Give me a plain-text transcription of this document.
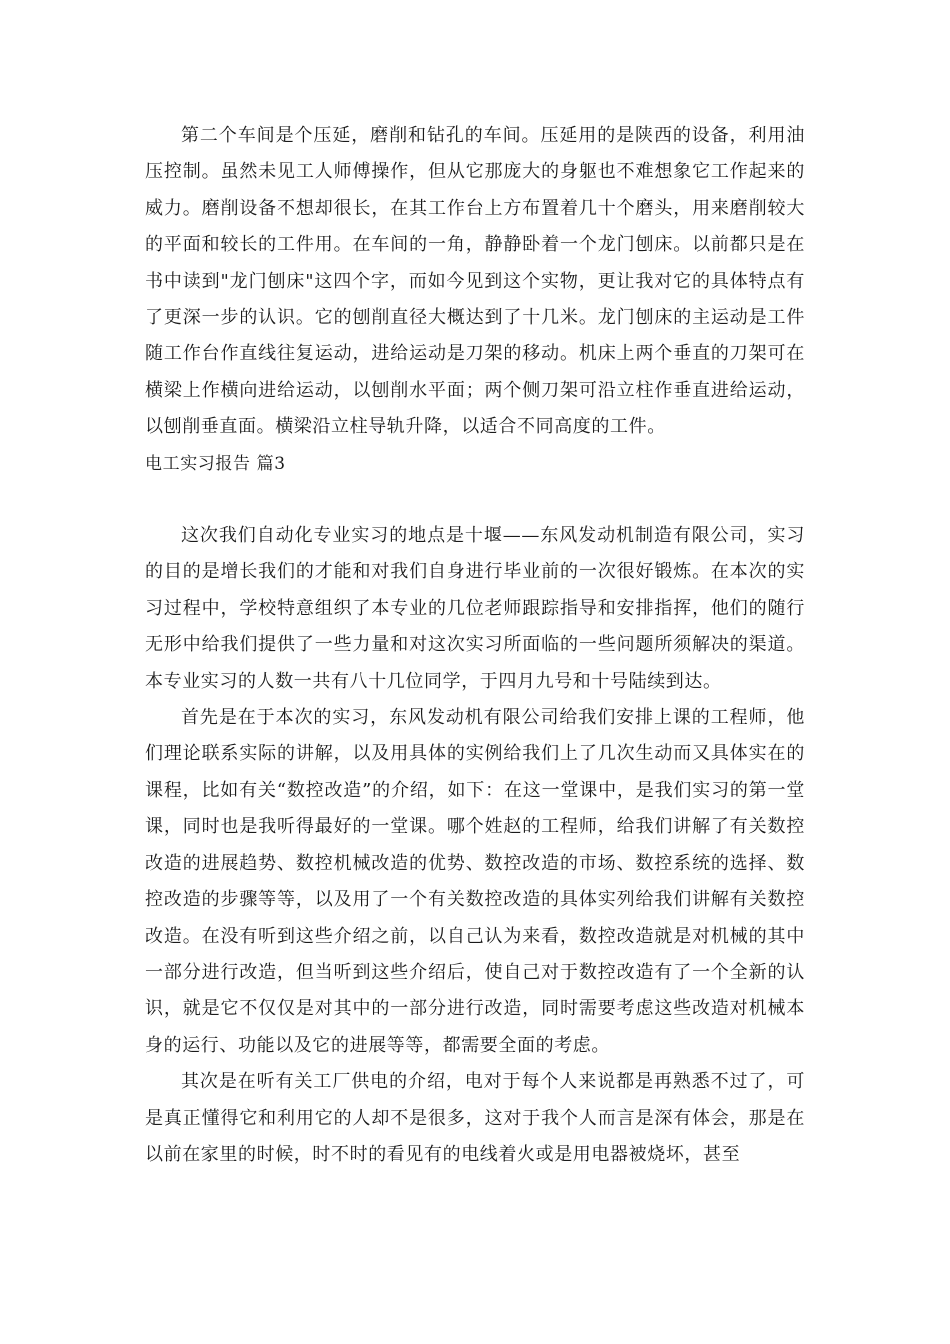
第二个车间是个压延，磨削和钻孔的车间。压延用的是陕西的设备，利用油压控制。虽然未见工人师傅操作，但从它那庞大的身躯也不难想象它工作起来的威力。磨削设备不想却很长，在其工作台上方布置着几十个磨头，用来磨削较大的平面和较长的工件用。在车间的一角，静静卧着一个龙门刨床。以前都只是在书中读到"龙门刨床"这四个字，而如今见到这个实物，更让我对它的具体特点有了更深一步的认识。它的刨削直径大概达到了十几米。龙门刨床的主运动是工件随工作台作直线往复运动，进给运动是刀架的移动。机床上两个垂直的刀架可在横梁上作横向进给运动，以刨削水平面；两个侧刀架可沿立柱作垂直进给运动，以刨削垂直面。横梁沿立柱导轨升降，以适合不同高度的工件。

电工实习报告 篇3

这次我们自动化专业实习的地点是十堰——东风发动机制造有限公司，实习的目的是增长我们的才能和对我们自身进行毕业前的一次很好锻炼。在本次的实习过程中，学校特意组织了本专业的几位老师跟踪指导和安排指挥，他们的随行无形中给我们提供了一些力量和对这次实习所面临的一些问题所须解决的渠道。本专业实习的人数一共有八十几位同学，于四月九号和十号陆续到达。

首先是在于本次的实习，东风发动机有限公司给我们安排上课的工程师，他们理论联系实际的讲解，以及用具体的实例给我们上了几次生动而又具体实在的课程，比如有关“数控改造”的介绍，如下：在这一堂课中，是我们实习的第一堂课，同时也是我听得最好的一堂课。哪个姓赵的工程师，给我们讲解了有关数控改造的进展趋势、数控机械改造的优势、数控改造的市场、数控系统的选择、数控改造的步骤等等，以及用了一个有关数控改造的具体实列给我们讲解有关数控改造。在没有听到这些介绍之前，以自己认为来看，数控改造就是对机械的其中一部分进行改造，但当听到这些介绍后，使自己对于数控改造有了一个全新的认识，就是它不仅仅是对其中的一部分进行改造，同时需要考虑这些改造对机械本身的运行、功能以及它的进展等等，都需要全面的考虑。

其次是在听有关工厂供电的介绍，电对于每个人来说都是再熟悉不过了，可是真正懂得它和利用它的人却不是很多，这对于我个人而言是深有体会，那是在以前在家里的时候，时不时的看见有的电线着火或是用电器被烧坏，甚至
